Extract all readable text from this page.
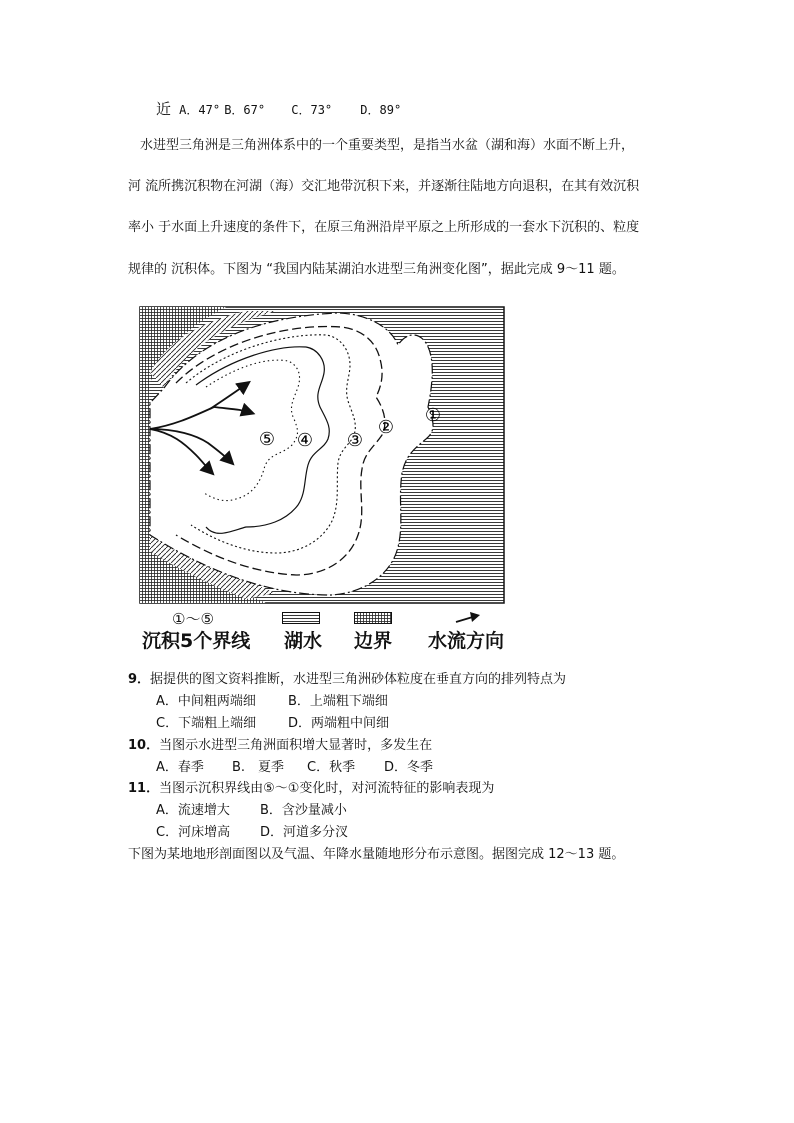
近 A．47° B．67° C．73° D．89°
水进型三角洲是三角洲体系中的一个重要类型，是指当水盆（湖和海）水面不断上升，
河 流所携沉积物在河湖（海）交汇地带沉积下来，并逐渐往陆地方向退积，在其有效沉积
率小 于水面上升速度的条件下，在原三角洲沿岸平原之上所形成的一套水下沉积的、粒度
规律的 沉积体。下图为 “我国内陆某湖泊水进型三角洲变化图”，据此完成 9～11 题。
⑤ ④ ③
②
①
①～⑤
沉积5个界线 湖水 边界 水流方向
9．据提供的图文资料推断，水进型三角洲砂体粒度在垂直方向的排列特点为
A．中间粗两端细 B．上端粗下端细
C．下端粗上端细 D．两端粗中间细
10．当图示水进型三角洲面积增大显著时，多发生在
A．春季 B.　夏季 C．秋季 D．冬季
11．当图示沉积界线由⑤～①变化时，对河流特征的影响表现为
A．流速增大 B．含沙量减小
C．河床增高 D．河道多分汊
下图为某地地形剖面图以及气温、年降水量随地形分布示意图。据图完成 12～13 题。
